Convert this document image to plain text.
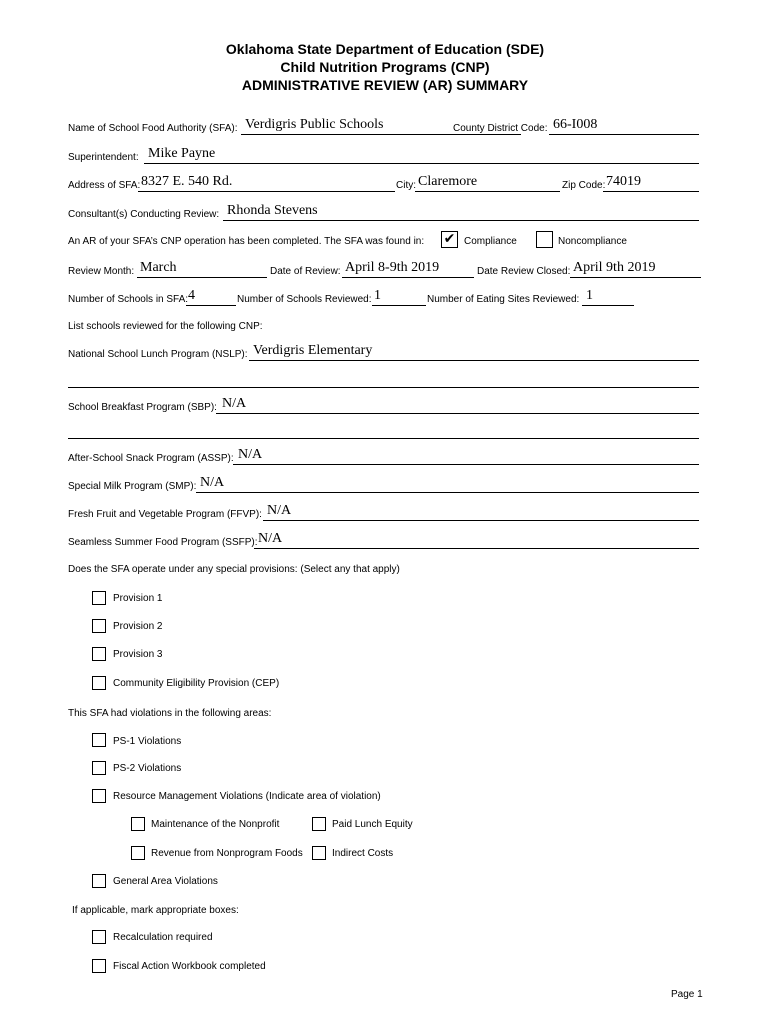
Oklahoma State Department of Education (SDE)
Child Nutrition Programs (CNP)
ADMINISTRATIVE REVIEW (AR) SUMMARY
Name of School Food Authority (SFA): Verdigris Public Schools	County District Code: 66-I008
Superintendent: Mike Payne
Address of SFA: 8327 E. 540 Rd.	City: Claremore	Zip Code: 74019
Consultant(s) Conducting Review: Rhonda Stevens
An AR of your SFA’s CNP operation has been completed. The SFA was found in: ✔ Compliance	Noncompliance
Review Month: March	Date of Review: April 8-9th 2019	Date Review Closed: April 9th 2019
Number of Schools in SFA: 4	Number of Schools Reviewed: 1	Number of Eating Sites Reviewed: 1
List schools reviewed for the following CNP:
National School Lunch Program (NSLP): Verdigris Elementary
School Breakfast Program (SBP): N/A
After-School Snack Program (ASSP): N/A
Special Milk Program (SMP): N/A
Fresh Fruit and Vegetable Program (FFVP): N/A
Seamless Summer Food Program (SSFP): N/A
Does the SFA operate under any special provisions: (Select any that apply)
Provision 1
Provision 2
Provision 3
Community Eligibility Provision (CEP)
This SFA had violations in the following areas:
PS-1 Violations
PS-2 Violations
Resource Management Violations (Indicate area of violation)
Maintenance of the Nonprofit	Paid Lunch Equity
Revenue from Nonprogram Foods	Indirect Costs
General Area Violations
If applicable, mark appropriate boxes:
Recalculation required
Fiscal Action Workbook completed
Page 1
